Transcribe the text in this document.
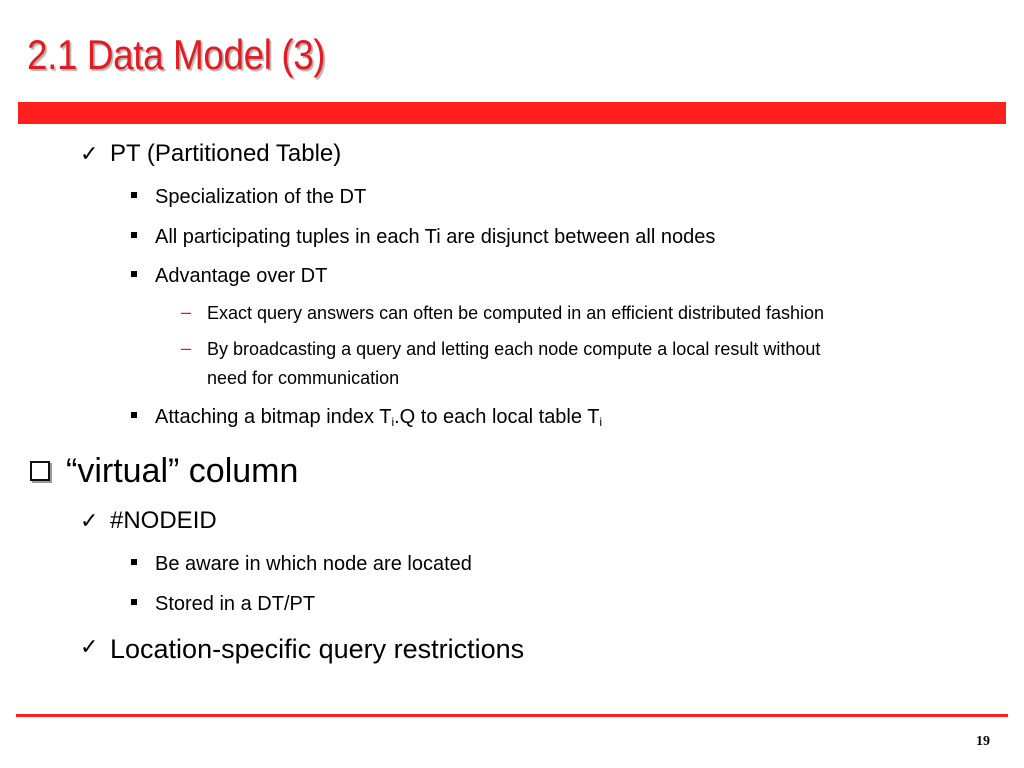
2.1 Data Model (3)
✓ PT (Partitioned Table)
Specialization of the DT
All participating tuples in each Ti are disjunct between all nodes
Advantage over DT
– Exact query answers can often be computed in an efficient distributed fashion
– By broadcasting a query and letting each node compute a local result without
need for communication
Attaching a bitmap index $T_i.Q$ to each local table $T_i$
“virtual” column
✓ #NODEID
Be aware in which node are located
Stored in a DT/PT
✓ Location-specific query restrictions
19
